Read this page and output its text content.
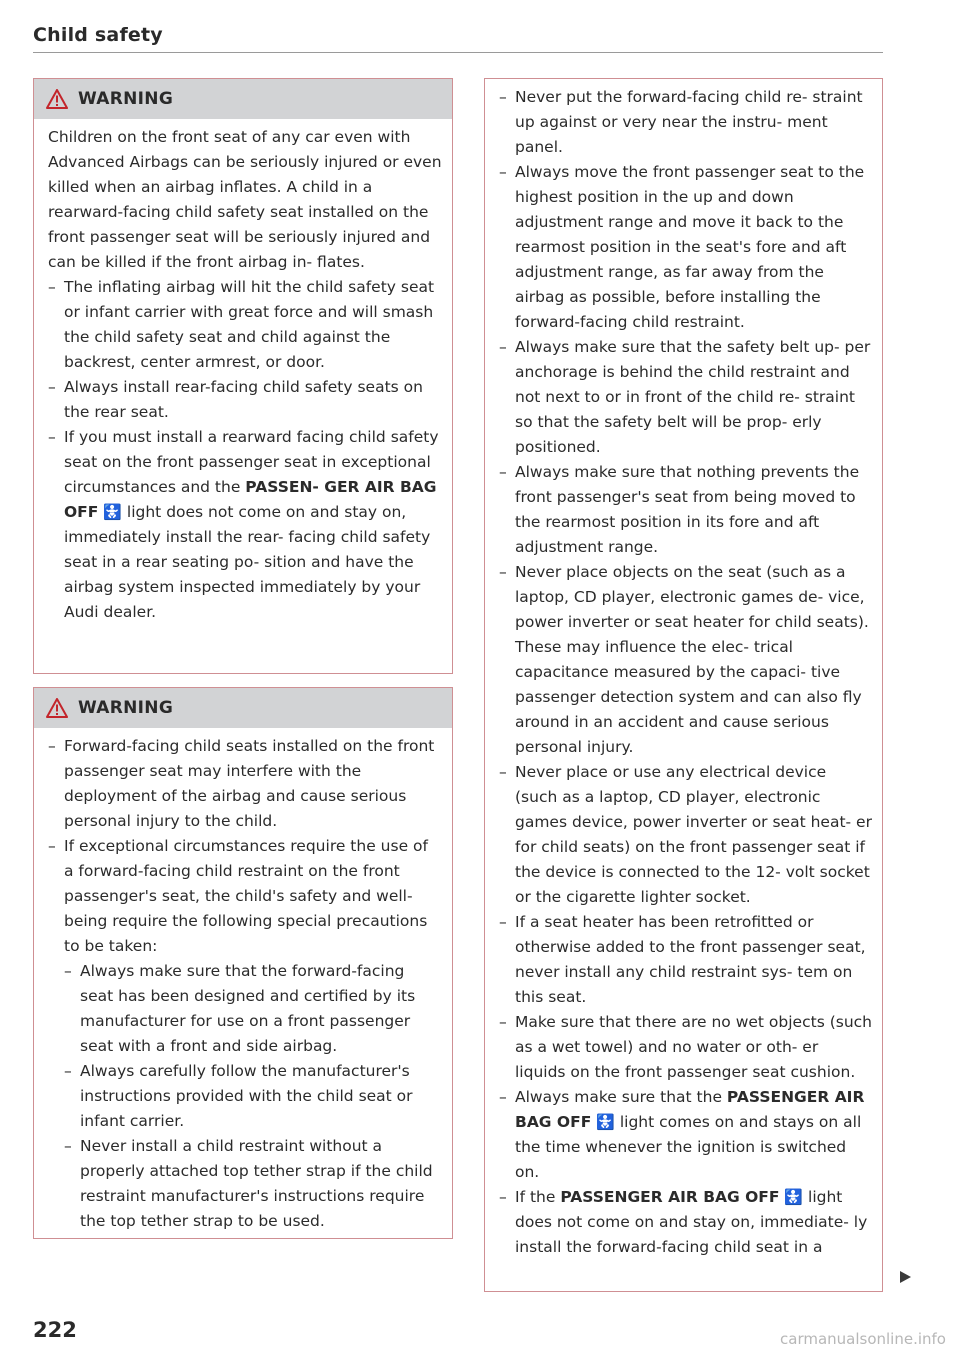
Child safety
WARNING

Children on the front seat of any car even with Advanced Airbags can be seriously injured or even killed when an airbag inflates. A child in a rearward-facing child safety seat installed on the front passenger seat will be seriously injured and can be killed if the front airbag in- flates.

– The inflating airbag will hit the child safety seat or infant carrier with great force and will smash the child safety seat and child against the backrest, center armrest, or door.
– Always install rear-facing child safety seats on the rear seat.
– If you must install a rearward facing child safety seat on the front passenger seat in exceptional circumstances and the PASSEN- GER AIR BAG OFF 🚼 light does not come on and stay on, immediately install the rear- facing child safety seat in a rear seating po- sition and have the airbag system inspected immediately by your Audi dealer.
WARNING
– Forward-facing child seats installed on the front passenger seat may interfere with the deployment of the airbag and cause serious personal injury to the child.
– If exceptional circumstances require the use of a forward-facing child restraint on the front passenger's seat, the child's safety and well-being require the following special precautions to be taken:
– Always make sure that the forward-facing seat has been designed and certified by its manufacturer for use on a front passenger seat with a front and side airbag.
– Always carefully follow the manufacturer's instructions provided with the child seat or infant carrier.
– Never install a child restraint without a properly attached top tether strap if the child restraint manufacturer's instructions require the top tether strap to be used.
– Never put the forward-facing child re- straint up against or very near the instru- ment panel.
– Always move the front passenger seat to the highest position in the up and down adjustment range and move it back to the rearmost position in the seat's fore and aft adjustment range, as far away from the airbag as possible, before installing the forward-facing child restraint.
– Always make sure that the safety belt up- per anchorage is behind the child restraint and not next to or in front of the child re- straint so that the safety belt will be prop- erly positioned.
– Always make sure that nothing prevents the front passenger's seat from being moved to the rearmost position in its fore and aft adjustment range.
– Never place objects on the seat (such as a laptop, CD player, electronic games de- vice, power inverter or seat heater for child seats). These may influence the elec- trical capacitance measured by the capaci- tive passenger detection system and can also fly around in an accident and cause serious personal injury.
– Never place or use any electrical device (such as a laptop, CD player, electronic games device, power inverter or seat heat- er for child seats) on the front passenger seat if the device is connected to the 12- volt socket or the cigarette lighter socket.
– If a seat heater has been retrofitted or otherwise added to the front passenger seat, never install any child restraint sys- tem on this seat.
– Make sure that there are no wet objects (such as a wet towel) and no water or oth- er liquids on the front passenger seat cushion.
– Always make sure that the PASSENGER AIR BAG OFF 🚼 light comes on and stays on all the time whenever the ignition is switched on.
– If the PASSENGER AIR BAG OFF 🚼 light does not come on and stay on, immediate- ly install the forward-facing child seat in a
222	carmanualsonline.info
